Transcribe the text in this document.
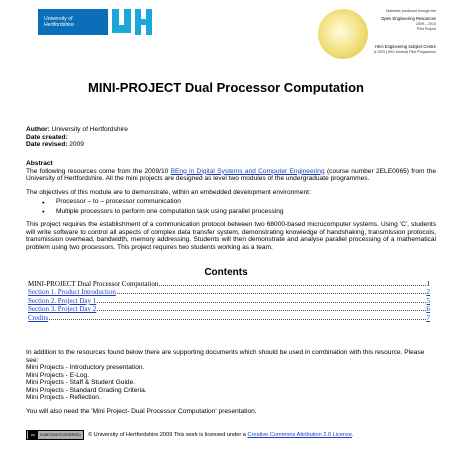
University of
Hertfordshire
Materials produced through the
Open Engineering Resources
2009 – 2010
Pilot Project
HEA Engineering Subject Centre
& OER (JISC funded) Pilot Programme
MINI-PROJECT Dual Processor Computation
Author: University of Hertfordshire
Date created:
Date revised: 2009
Abstract

The following resources come from the 2009/10 BEng in Digital Systems and Computer Engineering (course number 2ELE0065) from the University of Hertfordshire. All the mini projects are designed as level two modules of the undergraduate programmes.

The objectives of this module are to demonstrate, within an embedded development environment:

● Processor – to – processor communication
● Multiple processors to perform one computation task using parallel processing

This project requires the establishment of a communication protocol between two 68000-based microcomputer systems. Using 'C', students will write software to control all aspects of complex data transfer system, demonstrating knowledge of handshaking, transmission protocols, transmission overhead, bandwidth, memory addressing. Students will then demonstrate and analyse parallel processing of a mathematical problem using two processors. This project requires two students working as a team.

Contents
MINI-PROJECT Dual Processor Computation	1
Section 1. Product Introduction	2
Section 2. Project Day 1	5
Section 3. Project Day 2	6
Credits	7

In addition to the resources found below there are supporting documents which should be used in combination with this resource. Please see:

Mini Projects - Introductory presentation.
Mini Projects - E-Log.
Mini Projects - Staff & Student Guide.
Mini Projects - Standard Grading Criteria.
Mini Projects - Reflection.

You will also need the 'Mini Project- Dual Processor Computation' presentation.

cc	SOME RIGHTS RESERVED © University of Hertfordshire 2009 This work is licensed under a Creative Commons Attribution 2.0 License.
